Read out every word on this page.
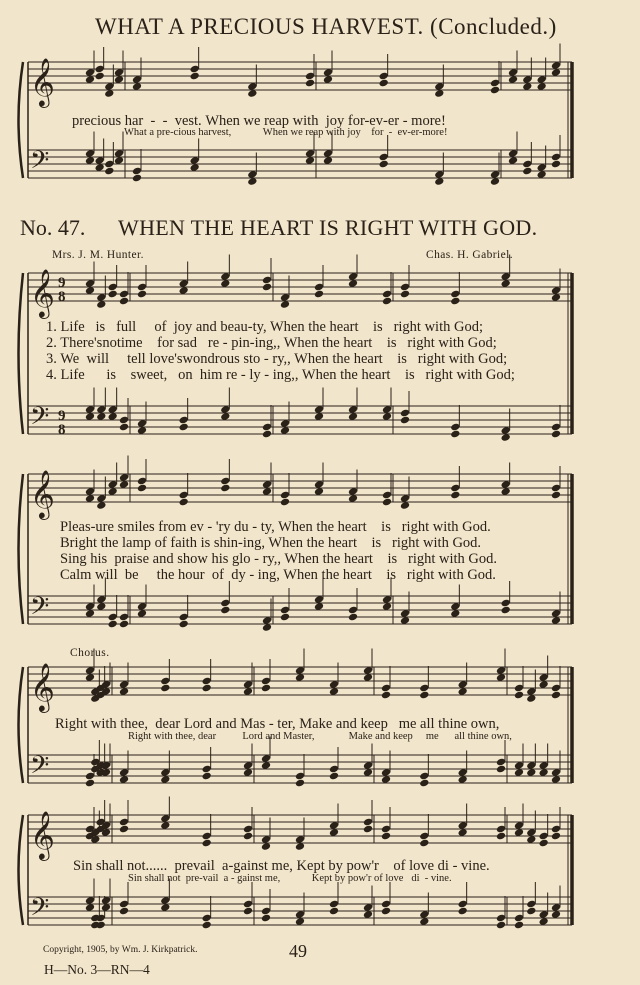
WHAT A PRECIOUS HARVEST. (Concluded.)
𝄞
𝄢
precious har - - vest. When we reap with joy for-ev-er - more!
What a pre-cious harvest,	When we reap with joy for - ev-er-more!
No. 47. WHEN THE HEART IS RIGHT WITH GOD.
Mrs. J. M. Hunter.	Chas. H. Gabriel.
𝄞
𝄢
𝄞
𝄢
𝄞
𝄢
𝄞
𝄢
9
8
9
8
1. Life is full of joy and beau-ty, When the heart is right with God;
2. There'snotime for sad re - pin-ing,, When the heart is right with God;
3. We will tell love'swondrous sto - ry,, When the heart is right with God;
4. Life is sweet, on him re - ly - ing,, When the heart is right with God;
Pleas-ure smiles from ev - 'ry du - ty, When the heart is right with God.
Bright the lamp of faith is shin-ing, When the heart is right with God.
Sing his praise and show his glo - ry,, When the heart is right with God.
Calm will be the hour of dy - ing, When the heart is right with God.
Chorus.
Right with thee, dear Lord and Mas - ter, Make and keep me all thine own,
Right with thee, dear	Lord and Master,	Make and keep me all thine own,
Sin shall not...... prevail a-gainst me, Kept by pow'r of love di - vine.
Sin shall not pre-vail a - gainst me,	Kept by pow'r of love di - vine.
Copyright, 1905, by Wm. J. Kirkpatrick.	49
H—No. 3—RN—4
